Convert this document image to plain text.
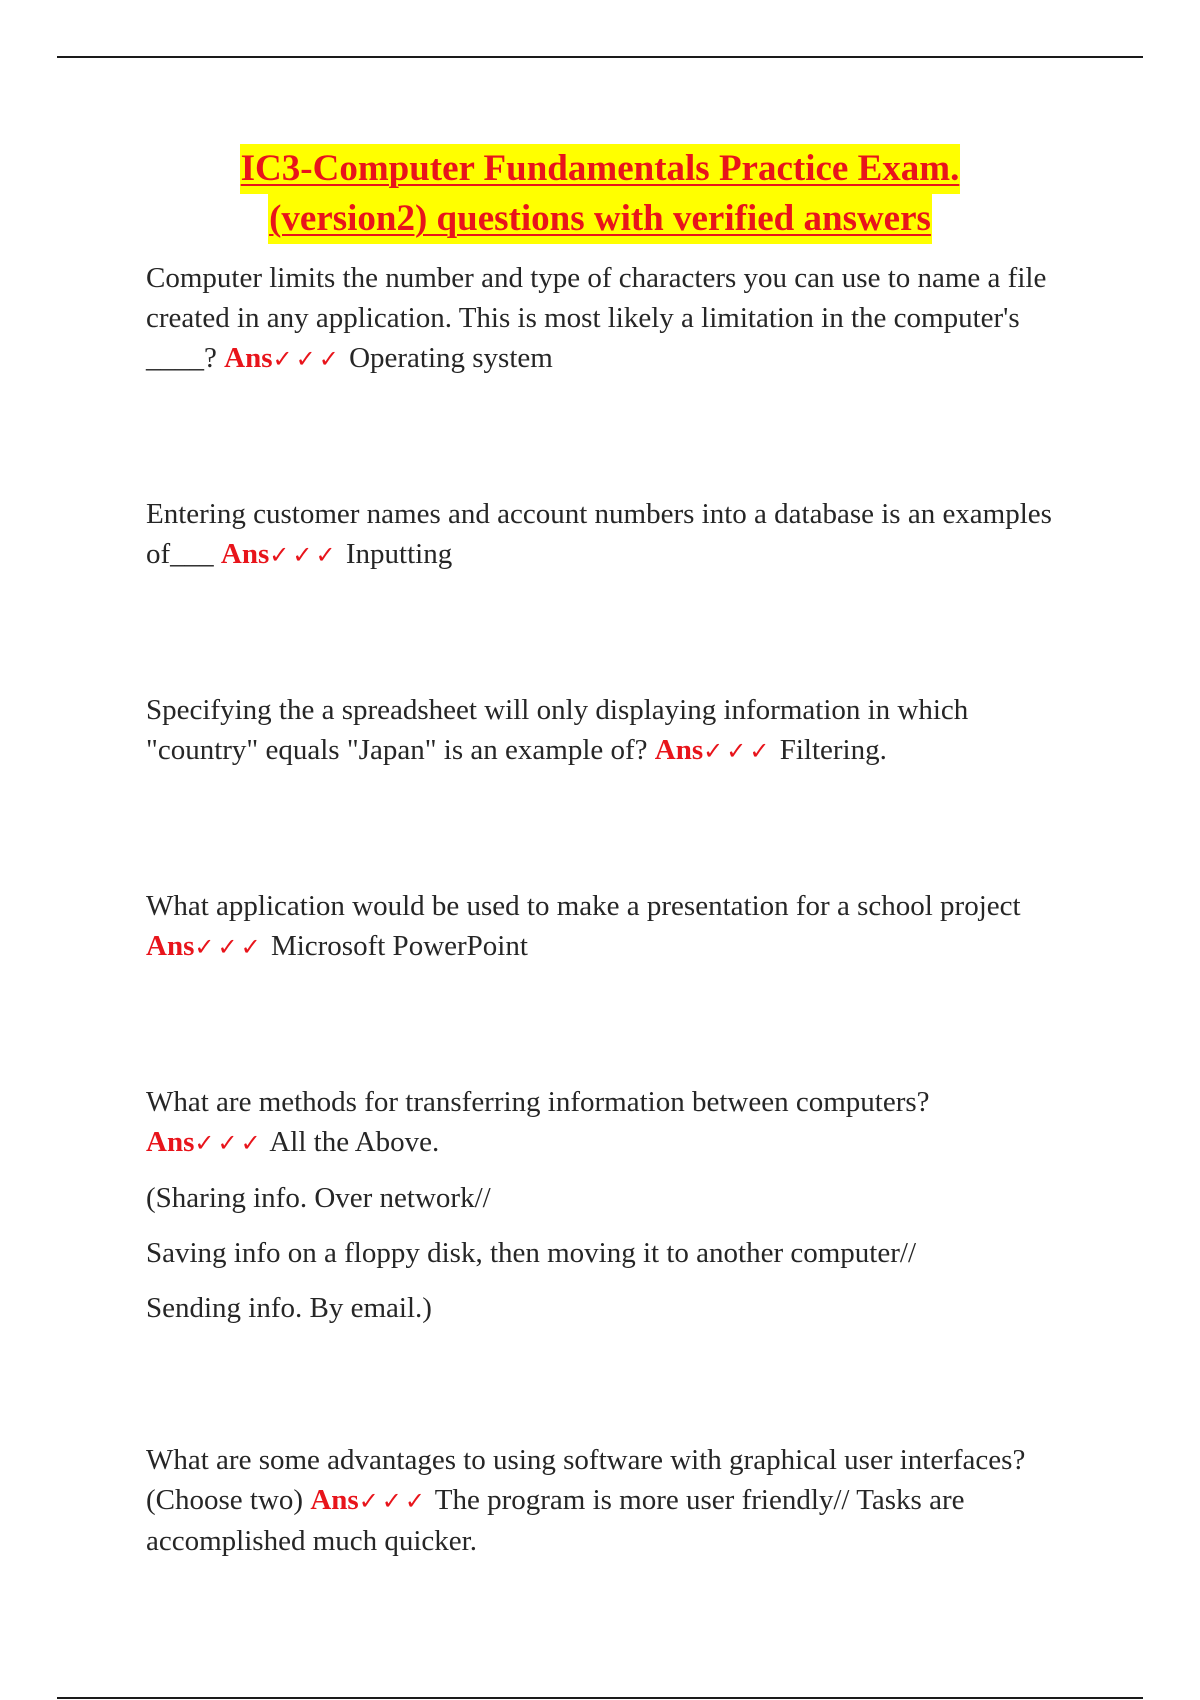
IC3-Computer Fundamentals Practice Exam.
(version2) questions with verified answers

Computer limits the number and type of characters you can use to name a file created in any application. This is most likely a limitation in the computer's ____? Ans✓✓✓ Operating system

Entering customer names and account numbers into a database is an examples of___ Ans✓✓✓ Inputting

Specifying the a spreadsheet will only displaying information in which "country" equals "Japan" is an example of? Ans✓✓✓ Filtering.

What application would be used to make a presentation for a school project Ans✓✓✓ Microsoft PowerPoint

What are methods for transferring information between computers?
Ans✓✓✓ All the Above.

(Sharing info. Over network//

Saving info on a floppy disk, then moving it to another computer//

Sending info. By email.)

What are some advantages to using software with graphical user interfaces? (Choose two) Ans✓✓✓ The program is more user friendly// Tasks are accomplished much quicker.
